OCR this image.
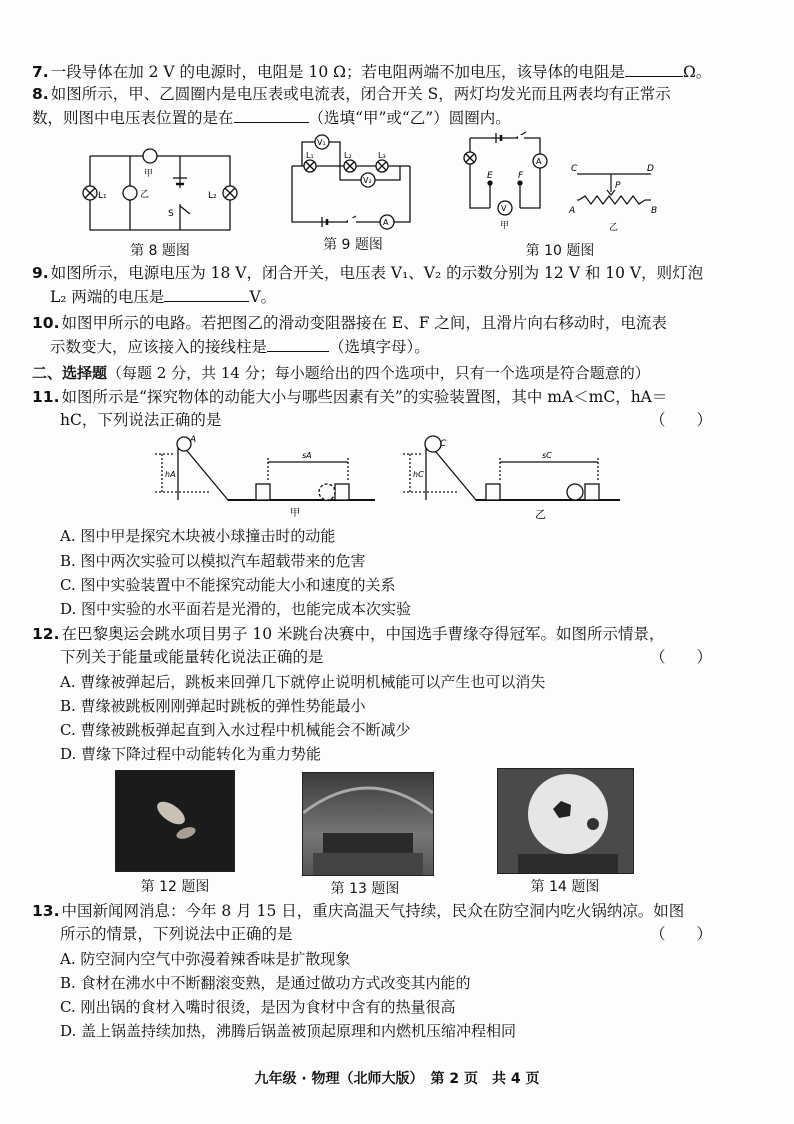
7. 一段导体在加 2 V 的电源时，电阻是 10 Ω；若电阻两端不加电压，该导体的电阻是	Ω。
8. 如图所示，甲、乙圆圈内是电压表或电流表，闭合开关 S，两灯均发光而且两表均有正常示
数，则图中电压表位置的是在	（选填“甲”或“乙”）圆圈内。
L₁	L₂
甲
乙
S
第 8 题图
V₁
V₂
A
L₁	L₂	L₃
第 9 题图
A
V
E	F
甲
C	D
P
A	B
乙
第 10 题图
9. 如图所示，电源电压为 18 V，闭合开关，电压表 V₁、V₂ 的示数分别为 12 V 和 10 V，则灯泡
L₂ 两端的电压是	V。
10. 如图甲所示的电路。若把图乙的滑动变阻器接在 E、F 之间，且滑片向右移动时，电流表
示数变大，应该接入的接线柱是	（选填字母）。
二、选择题（每题 2 分，共 14 分；每小题给出的四个选项中，只有一个选项是符合题意的）
11. 如图所示是“探究物体的动能大小与哪些因素有关”的实验装置图，其中 mA＜mC，hA＝
hC，下列说法正确的是	（　　）
A	C
hA	hC
sA	sC
甲	乙
A. 图中甲是探究木块被小球撞击时的动能
B. 图中两次实验可以模拟汽车超载带来的危害
C. 图中实验装置中不能探究动能大小和速度的关系
D. 图中实验的水平面若是光滑的，也能完成本次实验
12. 在巴黎奥运会跳水项目男子 10 米跳台决赛中，中国选手曹缘夺得冠军。如图所示情景，
下列关于能量或能量转化说法正确的是	（　　）
A. 曹缘被弹起后，跳板来回弹几下就停止说明机械能可以产生也可以消失
B. 曹缘被跳板刚刚弹起时跳板的弹性势能最小
C. 曹缘被跳板弹起直到入水过程中机械能会不断减少
D. 曹缘下降过程中动能转化为重力势能
第 12 题图	第 13 题图	第 14 题图
13. 中国新闻网消息：今年 8 月 15 日，重庆高温天气持续，民众在防空洞内吃火锅纳凉。如图
所示的情景，下列说法中正确的是	（　　）
A. 防空洞内空气中弥漫着辣香味是扩散现象
B. 食材在沸水中不断翻滚变熟，是通过做功方式改变其内能的
C. 刚出锅的食材入嘴时很烫，是因为食材中含有的热量很高
D. 盖上锅盖持续加热，沸腾后锅盖被顶起原理和内燃机压缩冲程相同
九年级 · 物理（北师大版）　第 2 页　共 4 页
